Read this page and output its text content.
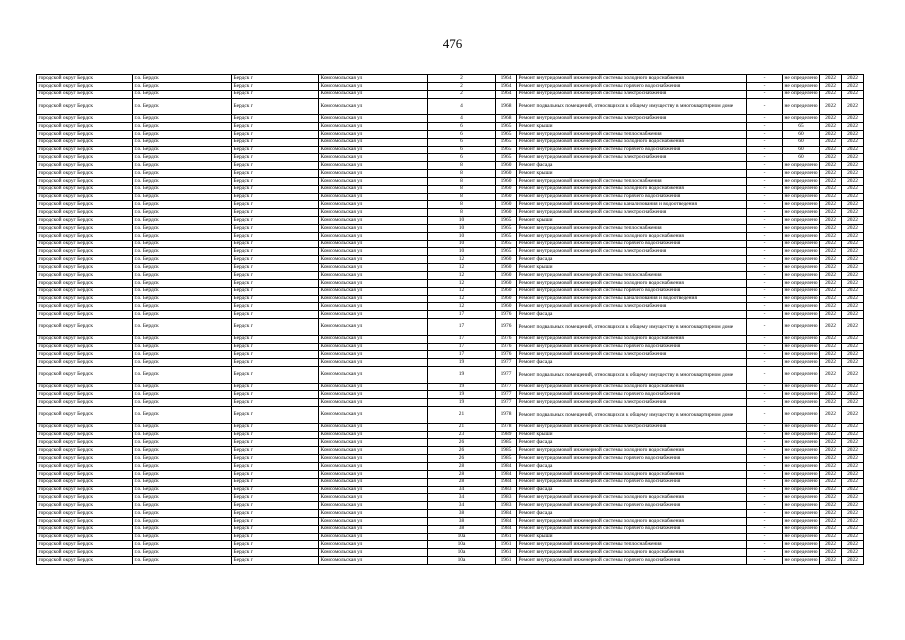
476
городской округ Бердск	г.о. Бердск	Бердск г	Комсомольская ул	2	1964	Ремонт внутридомовой инженерной системы холодного водоснабжения	-	не определено	2022	2022
городской округ Бердск	г.о. Бердск	Бердск г	Комсомольская ул	2	1964	Ремонт внутридомовой инженерной системы горячего водоснабжения	-	не определено	2022	2022
городской округ Бердск	г.о. Бердск	Бердск г	Комсомольская ул	2	1964	Ремонт внутридомовой инженерной системы электроснабжения	-	не определено	2022	2022
городской округ Бердск	г.о. Бердск	Бердск г	Комсомольская ул	4	1968	Ремонт подвальных помещений, относящихся к общему имуществу в многоквартирном доме	-	не определено	2022	2022
городской округ Бердск	г.о. Бердск	Бердск г	Комсомольская ул	4	1968	Ремонт внутридомовой инженерной системы электроснабжения	-	не определено	2022	2022
городской округ Бердск	г.о. Бердск	Бердск г	Комсомольская ул	6	1965	Ремонт крыши	-	65	2022	2022
городской округ Бердск	г.о. Бердск	Бердск г	Комсомольская ул	6	1965	Ремонт внутридомовой инженерной системы теплоснабжения	-	60	2022	2022
городской округ Бердск	г.о. Бердск	Бердск г	Комсомольская ул	6	1965	Ремонт внутридомовой инженерной системы холодного водоснабжения	-	60	2022	2022
городской округ Бердск	г.о. Бердск	Бердск г	Комсомольская ул	6	1965	Ремонт внутридомовой инженерной системы горячего водоснабжения	-	60	2022	2022
городской округ Бердск	г.о. Бердск	Бердск г	Комсомольская ул	6	1965	Ремонт внутридомовой инженерной системы электроснабжения	-	60	2022	2022
городской округ Бердск	г.о. Бердск	Бердск г	Комсомольская ул	8	1960	Ремонт фасада	-	не определено	2022	2022
городской округ Бердск	г.о. Бердск	Бердск г	Комсомольская ул	8	1960	Ремонт крыши	-	не определено	2022	2022
городской округ Бердск	г.о. Бердск	Бердск г	Комсомольская ул	8	1960	Ремонт внутридомовой инженерной системы теплоснабжения	-	не определено	2022	2022
городской округ Бердск	г.о. Бердск	Бердск г	Комсомольская ул	8	1960	Ремонт внутридомовой инженерной системы холодного водоснабжения	-	не определено	2022	2022
городской округ Бердск	г.о. Бердск	Бердск г	Комсомольская ул	8	1960	Ремонт внутридомовой инженерной системы горячего водоснабжения	-	не определено	2022	2022
городской округ Бердск	г.о. Бердск	Бердск г	Комсомольская ул	8	1960	Ремонт внутридомовой инженерной системы канализования и водоотведения	-	не определено	2022	2022
городской округ Бердск	г.о. Бердск	Бердск г	Комсомольская ул	8	1960	Ремонт внутридомовой инженерной системы электроснабжения	-	не определено	2022	2022
городской округ Бердск	г.о. Бердск	Бердск г	Комсомольская ул	10	1965	Ремонт крыши	-	не определено	2022	2022
городской округ Бердск	г.о. Бердск	Бердск г	Комсомольская ул	10	1965	Ремонт внутридомовой инженерной системы теплоснабжения	-	не определено	2022	2022
городской округ Бердск	г.о. Бердск	Бердск г	Комсомольская ул	10	1965	Ремонт внутридомовой инженерной системы холодного водоснабжения	-	не определено	2022	2022
городской округ Бердск	г.о. Бердск	Бердск г	Комсомольская ул	10	1965	Ремонт внутридомовой инженерной системы горячего водоснабжения	-	не определено	2022	2022
городской округ Бердск	г.о. Бердск	Бердск г	Комсомольская ул	10	1965	Ремонт внутридомовой инженерной системы электроснабжения	-	не определено	2022	2022
городской округ Бердск	г.о. Бердск	Бердск г	Комсомольская ул	12	1960	Ремонт фасада	-	не определено	2022	2022
городской округ Бердск	г.о. Бердск	Бердск г	Комсомольская ул	12	1960	Ремонт крыши	-	не определено	2022	2022
городской округ Бердск	г.о. Бердск	Бердск г	Комсомольская ул	12	1960	Ремонт внутридомовой инженерной системы теплоснабжения	-	не определено	2022	2022
городской округ Бердск	г.о. Бердск	Бердск г	Комсомольская ул	12	1960	Ремонт внутридомовой инженерной системы холодного водоснабжения	-	не определено	2022	2022
городской округ Бердск	г.о. Бердск	Бердск г	Комсомольская ул	12	1960	Ремонт внутридомовой инженерной системы горячего водоснабжения	-	не определено	2022	2022
городской округ Бердск	г.о. Бердск	Бердск г	Комсомольская ул	12	1960	Ремонт внутридомовой инженерной системы канализования и водоотведения	-	не определено	2022	2022
городской округ Бердск	г.о. Бердск	Бердск г	Комсомольская ул	12	1960	Ремонт внутридомовой инженерной системы электроснабжения	-	не определено	2022	2022
городской округ Бердск	г.о. Бердск	Бердск г	Комсомольская ул	17	1976	Ремонт фасада	-	не определено	2022	2022
городской округ Бердск	г.о. Бердск	Бердск г	Комсомольская ул	17	1976	Ремонт подвальных помещений, относящихся к общему имуществу в многоквартирном доме	-	не определено	2022	2022
городской округ Бердск	г.о. Бердск	Бердск г	Комсомольская ул	17	1976	Ремонт внутридомовой инженерной системы холодного водоснабжения	-	не определено	2022	2022
городской округ Бердск	г.о. Бердск	Бердск г	Комсомольская ул	17	1976	Ремонт внутридомовой инженерной системы горячего водоснабжения	-	не определено	2022	2022
городской округ Бердск	г.о. Бердск	Бердск г	Комсомольская ул	17	1976	Ремонт внутридомовой инженерной системы электроснабжения	-	не определено	2022	2022
городской округ Бердск	г.о. Бердск	Бердск г	Комсомольская ул	19	1977	Ремонт фасада	-	не определено	2022	2022
городской округ Бердск	г.о. Бердск	Бердск г	Комсомольская ул	19	1977	Ремонт подвальных помещений, относящихся к общему имуществу в многоквартирном доме	-	не определено	2022	2022
городской округ Бердск	г.о. Бердск	Бердск г	Комсомольская ул	19	1977	Ремонт внутридомовой инженерной системы холодного водоснабжения	-	не определено	2022	2022
городской округ Бердск	г.о. Бердск	Бердск г	Комсомольская ул	19	1977	Ремонт внутридомовой инженерной системы горячего водоснабжения	-	не определено	2022	2022
городской округ Бердск	г.о. Бердск	Бердск г	Комсомольская ул	19	1977	Ремонт внутридомовой инженерной системы электроснабжения	-	не определено	2022	2022
городской округ Бердск	г.о. Бердск	Бердск г	Комсомольская ул	21	1978	Ремонт подвальных помещений, относящихся к общему имуществу в многоквартирном доме	-	не определено	2022	2022
городской округ Бердск	г.о. Бердск	Бердск г	Комсомольская ул	21	1978	Ремонт внутридомовой инженерной системы электроснабжения	-	не определено	2022	2022
городской округ Бердск	г.о. Бердск	Бердск г	Комсомольская ул	23	1989	Ремонт крыши	-	не определено	2022	2022
городской округ Бердск	г.о. Бердск	Бердск г	Комсомольская ул	26	1985	Ремонт фасада	-	не определено	2022	2022
городской округ Бердск	г.о. Бердск	Бердск г	Комсомольская ул	26	1985	Ремонт внутридомовой инженерной системы холодного водоснабжения	-	не определено	2022	2022
городской округ Бердск	г.о. Бердск	Бердск г	Комсомольская ул	26	1985	Ремонт внутридомовой инженерной системы горячего водоснабжения	-	не определено	2022	2022
городской округ Бердск	г.о. Бердск	Бердск г	Комсомольская ул	28	1984	Ремонт фасада	-	не определено	2022	2022
городской округ Бердск	г.о. Бердск	Бердск г	Комсомольская ул	28	1984	Ремонт внутридомовой инженерной системы холодного водоснабжения	-	не определено	2022	2022
городской округ Бердск	г.о. Бердск	Бердск г	Комсомольская ул	28	1984	Ремонт внутридомовой инженерной системы горячего водоснабжения	-	не определено	2022	2022
городской округ Бердск	г.о. Бердск	Бердск г	Комсомольская ул	34	1983	Ремонт фасада	-	не определено	2022	2022
городской округ Бердск	г.о. Бердск	Бердск г	Комсомольская ул	34	1983	Ремонт внутридомовой инженерной системы холодного водоснабжения	-	не определено	2022	2022
городской округ Бердск	г.о. Бердск	Бердск г	Комсомольская ул	34	1983	Ремонт внутридомовой инженерной системы горячего водоснабжения	-	не определено	2022	2022
городской округ Бердск	г.о. Бердск	Бердск г	Комсомольская ул	38	1984	Ремонт фасада	-	не определено	2022	2022
городской округ Бердск	г.о. Бердск	Бердск г	Комсомольская ул	38	1984	Ремонт внутридомовой инженерной системы холодного водоснабжения	-	не определено	2022	2022
городской округ Бердск	г.о. Бердск	Бердск г	Комсомольская ул	38	1984	Ремонт внутридомовой инженерной системы горячего водоснабжения	-	не определено	2022	2022
городской округ Бердск	г.о. Бердск	Бердск г	Комсомольская ул	10а	1961	Ремонт крыши	-	не определено	2022	2022
городской округ Бердск	г.о. Бердск	Бердск г	Комсомольская ул	10а	1961	Ремонт внутридомовой инженерной системы теплоснабжения	-	не определено	2022	2022
городской округ Бердск	г.о. Бердск	Бердск г	Комсомольская ул	10а	1961	Ремонт внутридомовой инженерной системы холодного водоснабжения	-	не определено	2022	2022
городской округ Бердск	г.о. Бердск	Бердск г	Комсомольская ул	10а	1961	Ремонт внутридомовой инженерной системы горячего водоснабжения	-	не определено	2022	2022
